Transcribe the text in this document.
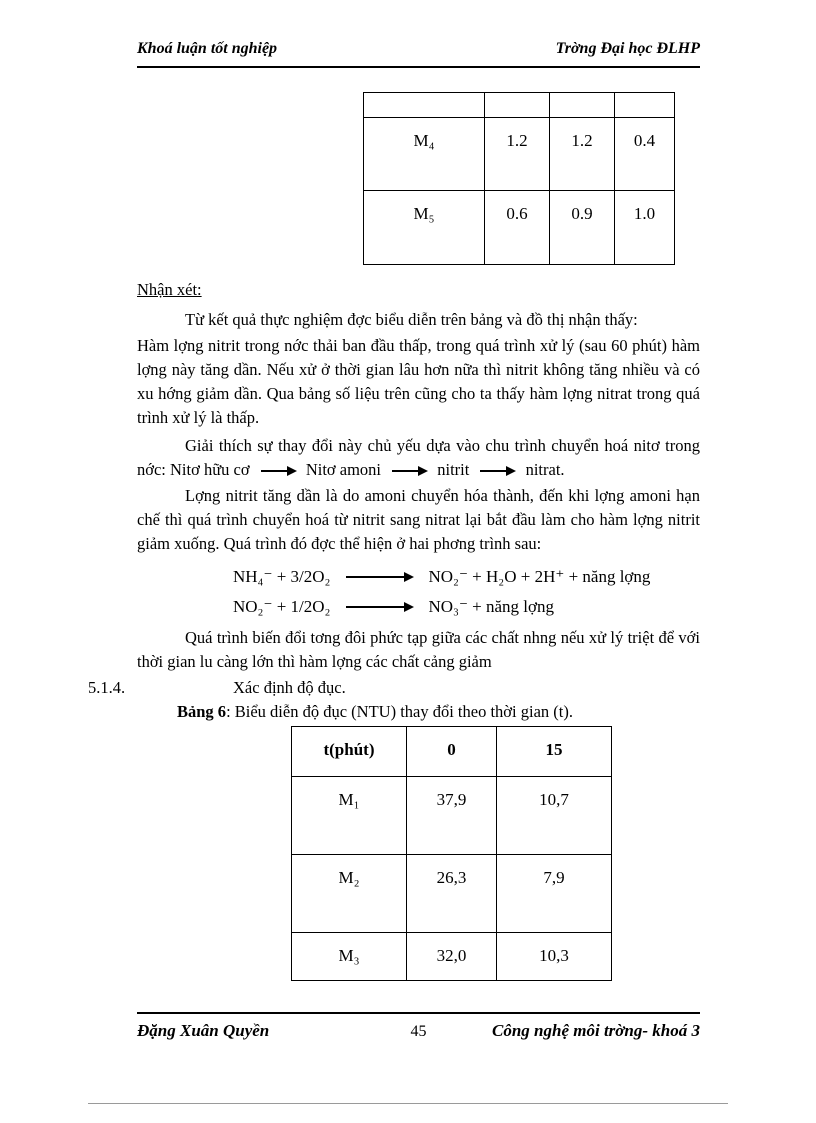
Khoá luận tốt nghiệp	Trờng Đại học ĐLHP

M₄	1.2	1.2	0.4
M₅	0.6	0.9	1.0

Nhận xét:

Từ kết quả thực nghiệm đợc biểu diễn trên bảng và đồ thị nhận thấy:

Hàm lợng nitrit trong nớc thải ban đầu thấp, trong quá trình xử lý (sau 60 phút) hàm lợng này tăng dần. Nếu xử ở thời gian lâu hơn nữa thì nitrit không tăng nhiều và có xu hớng giảm dần. Qua bảng số liệu trên cũng cho ta thấy hàm lợng nitrat trong quá trình xử lý là thấp.

Giải thích sự thay đổi này chủ yếu dựa vào chu trình chuyển hoá nitơ trong nớc: Nitơ hữu cơ	Nitơ amoni	nitrit	nitrat.

Lợng nitrit tăng dần là do amoni chuyển hóa thành, đến khi lợng amoni hạn chế thì quá trình chuyển hoá từ nitrit sang nitrat lại bắt đầu làm cho hàm lợng nitrit giảm xuống. Quá trình đó đợc thể hiện ở hai phơng trình sau:

NH₄⁻ + 3/2O₂	NO₂⁻ + H₂O + 2H⁺ + năng lợng
NO₂⁻ + 1/2O₂	NO₃⁻ + năng lợng

Quá trình biến đổi tơng đôi phức tạp giữa các chất nhng nếu xử lý triệt để với thời gian lu càng lớn thì hàm lợng các chất cảng giảm

5.1.4.	Xác định độ đục.

Bảng 6: Biểu diễn độ đục (NTU) thay đổi theo thời gian (t).

t(phút)	0	15
M₁	37,9	10,7
M₂	26,3	7,9
M₃	32,0	10,3
Đặng Xuân Quyền	45	Công nghệ môi trờng- khoá 3
